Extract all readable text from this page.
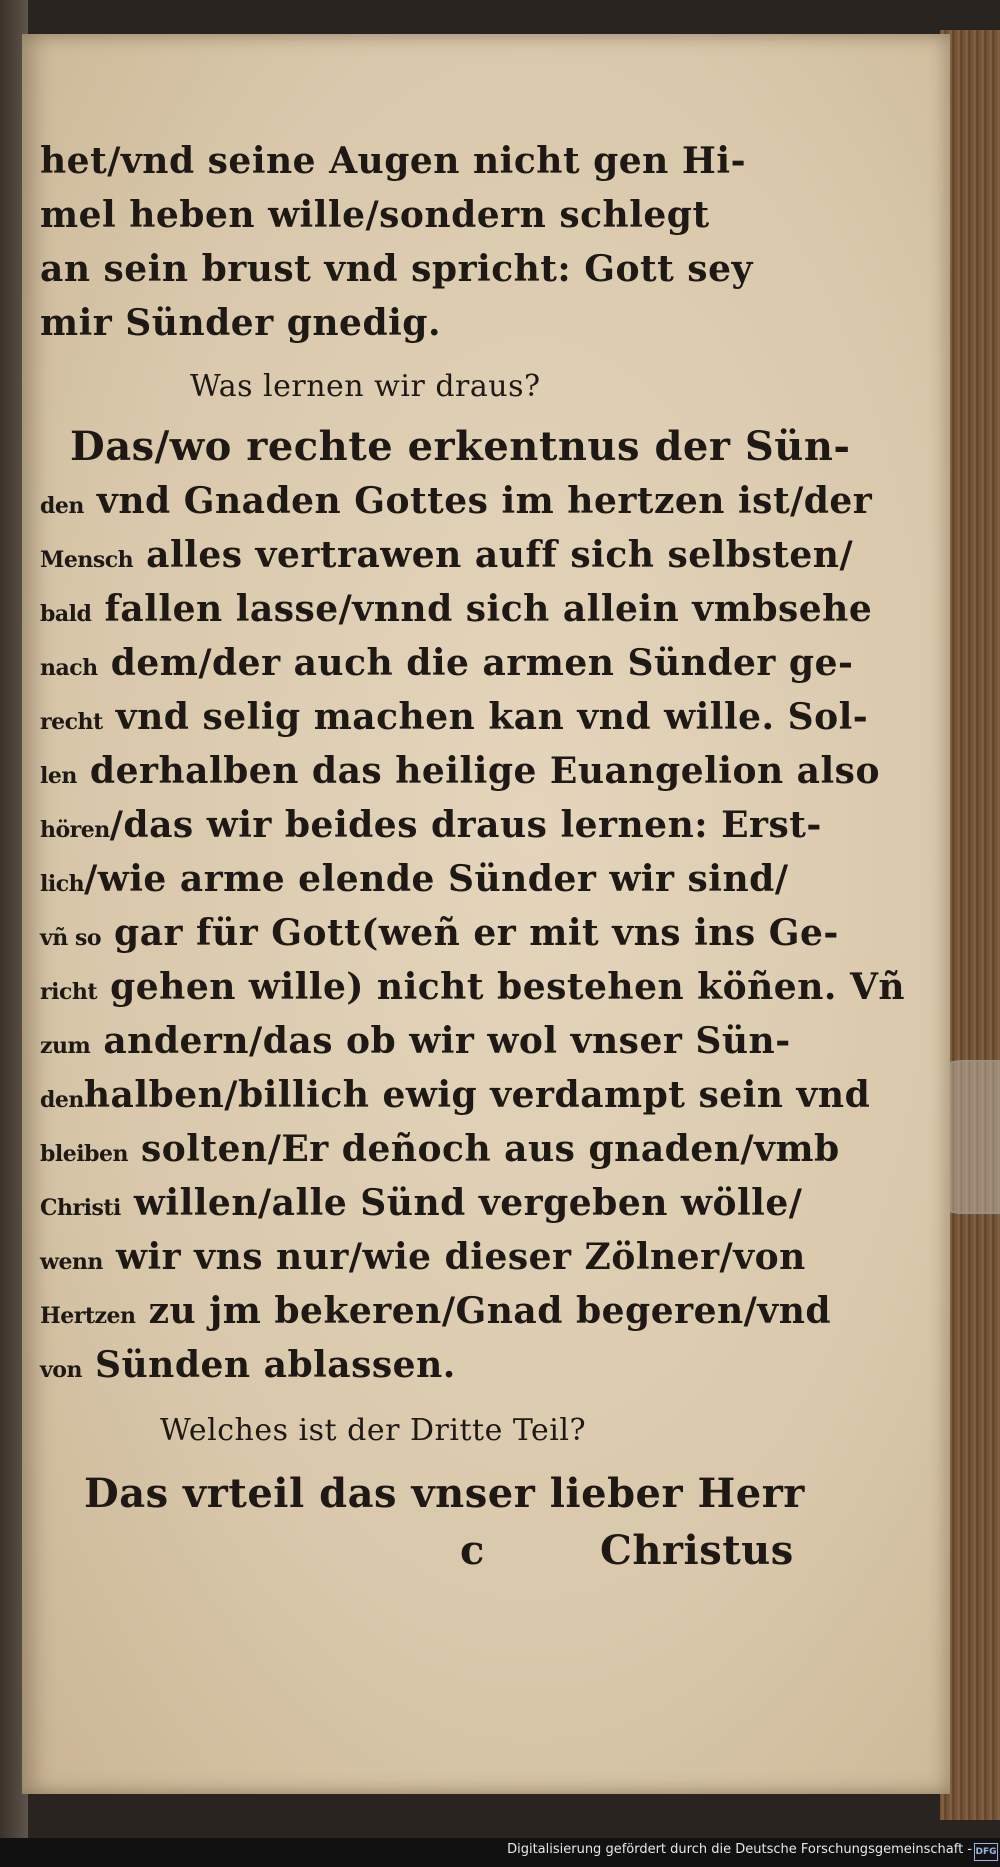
het/vnd seine Augen nicht gen Hi-
mel heben wille/sondern schlegt
an sein brust vnd spricht: Gott sey
mir Sünder gnedig.
Was lernen wir draus?
Das/wo rechte erkentnus der Sün-
den vnd Gnaden Gottes im hertzen ist/der
Mensch alles vertrawen auff sich selbsten/
bald fallen lasse/vnnd sich allein vmbsehe
nach dem/der auch die armen Sünder ge-
recht vnd selig machen kan vnd wille. Sol-
len derhalben das heilige Euangelion also
hören/das wir beides draus lernen: Erst-
lich/wie arme elende Sünder wir sind/
vñ so gar für Gott(weñ er mit vns ins Ge-
richt gehen wille) nicht bestehen köñen. Vñ
zum andern/das ob wir wol vnser Sün-
denhalben/billich ewig verdampt sein vnd
bleiben solten/Er deñoch aus gnaden/vmb
Christi willen/alle Sünd vergeben wölle/
wenn wir vns nur/wie dieser Zölner/von
Hertzen zu jm bekeren/Gnad begeren/vnd
von Sünden ablassen.
Welches ist der Dritte Teil?
Das vrteil das vnser lieber Herr
c	Christus
Digitalisierung gefördert durch die Deutsche Forschungsgemeinschaft - DFG
